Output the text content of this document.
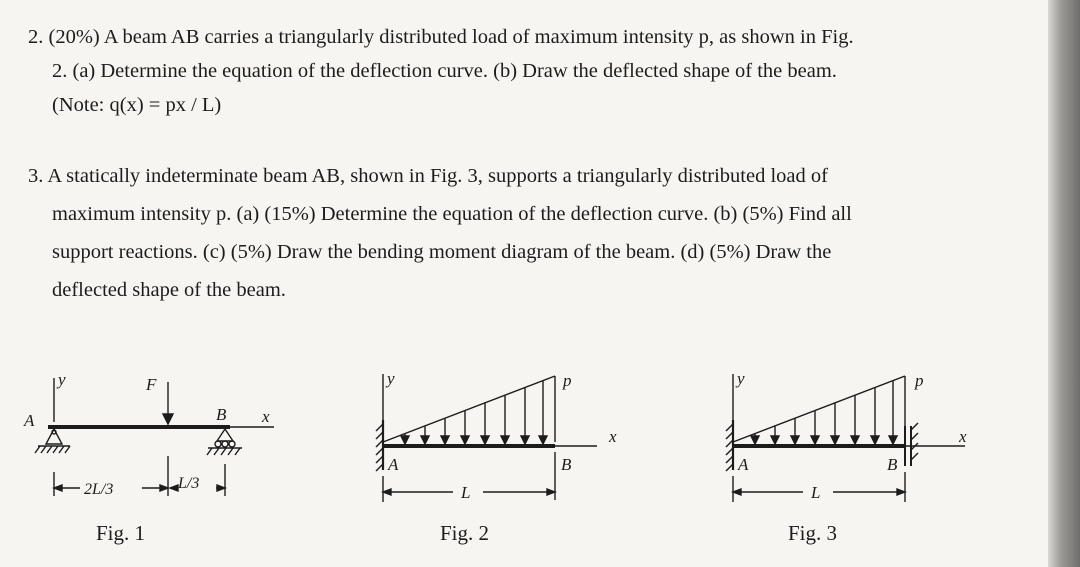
2. (20%) A beam AB carries a triangularly distributed load of maximum intensity p, as shown in Fig.
2. (a) Determine the equation of the deflection curve. (b) Draw the deflected shape of the beam.
(Note: q(x) = px / L)
3. A statically indeterminate beam AB, shown in Fig. 3, supports a triangularly distributed load of
maximum intensity p. (a) (15%) Determine the equation of the deflection curve. (b) (5%) Find all
support reactions. (c) (5%) Draw the bending moment diagram of the beam. (d) (5%) Draw the
deflected shape of the beam.
y
A
F
B x
2L/3	L/3
Fig. 1
y	p
x
A	B
L
Fig. 2
y	p
x
A	B
L
Fig. 3
